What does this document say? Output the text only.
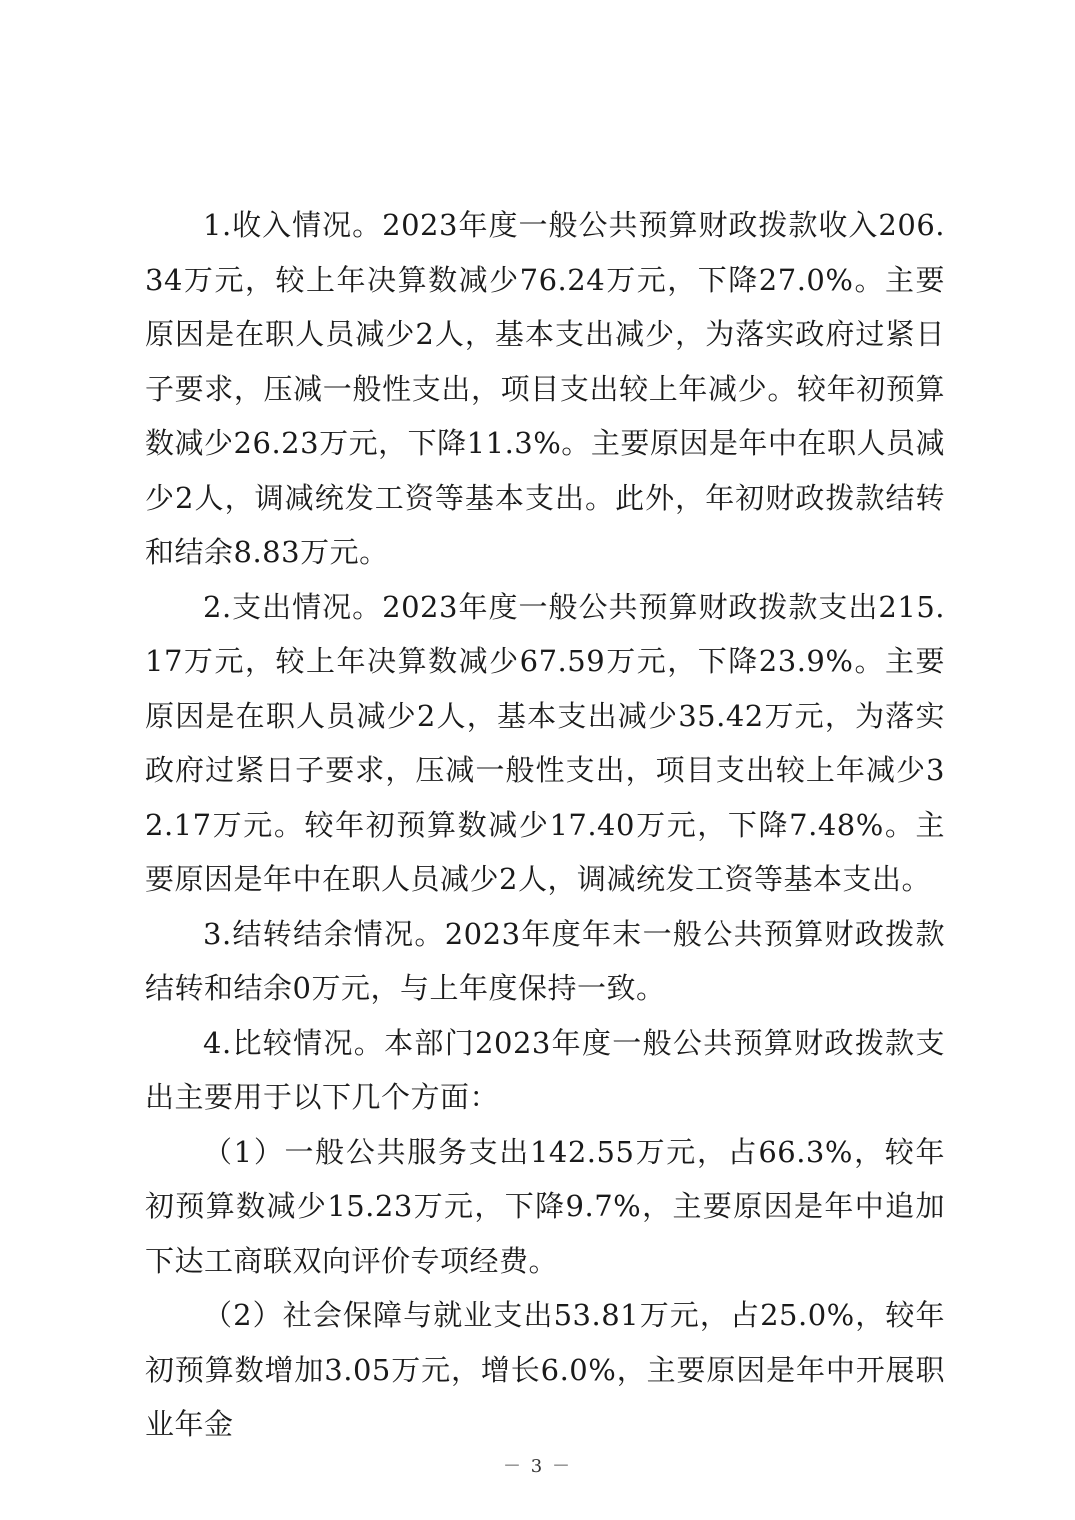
1.收入情况。2023年度一般公共预算财政拨款收入206.34万元，较上年决算数减少76.24万元，下降27.0%。主要原因是在职人员减少2人，基本支出减少，为落实政府过紧日子要求，压减一般性支出，项目支出较上年减少。较年初预算数减少26.23万元，下降11.3%。主要原因是年中在职人员减少2人，调减统发工资等基本支出。此外，年初财政拨款结转和结余8.83万元。

2.支出情况。2023年度一般公共预算财政拨款支出215.17万元，较上年决算数减少67.59万元，下降23.9%。主要原因是在职人员减少2人，基本支出减少35.42万元，为落实政府过紧日子要求，压减一般性支出，项目支出较上年减少32.17万元。较年初预算数减少17.40万元，下降7.48%。主要原因是年中在职人员减少2人，调减统发工资等基本支出。

3.结转结余情况。2023年度年末一般公共预算财政拨款结转和结余0万元，与上年度保持一致。

4.比较情况。本部门2023年度一般公共预算财政拨款支出主要用于以下几个方面：

（1）一般公共服务支出142.55万元，占66.3%，较年初预算数减少15.23万元，下降9.7%，主要原因是年中追加下达工商联双向评价专项经费。

（2）社会保障与就业支出53.81万元，占25.0%，较年初预算数增加3.05万元，增长6.0%，主要原因是年中开展职业年金

－ 3 －
